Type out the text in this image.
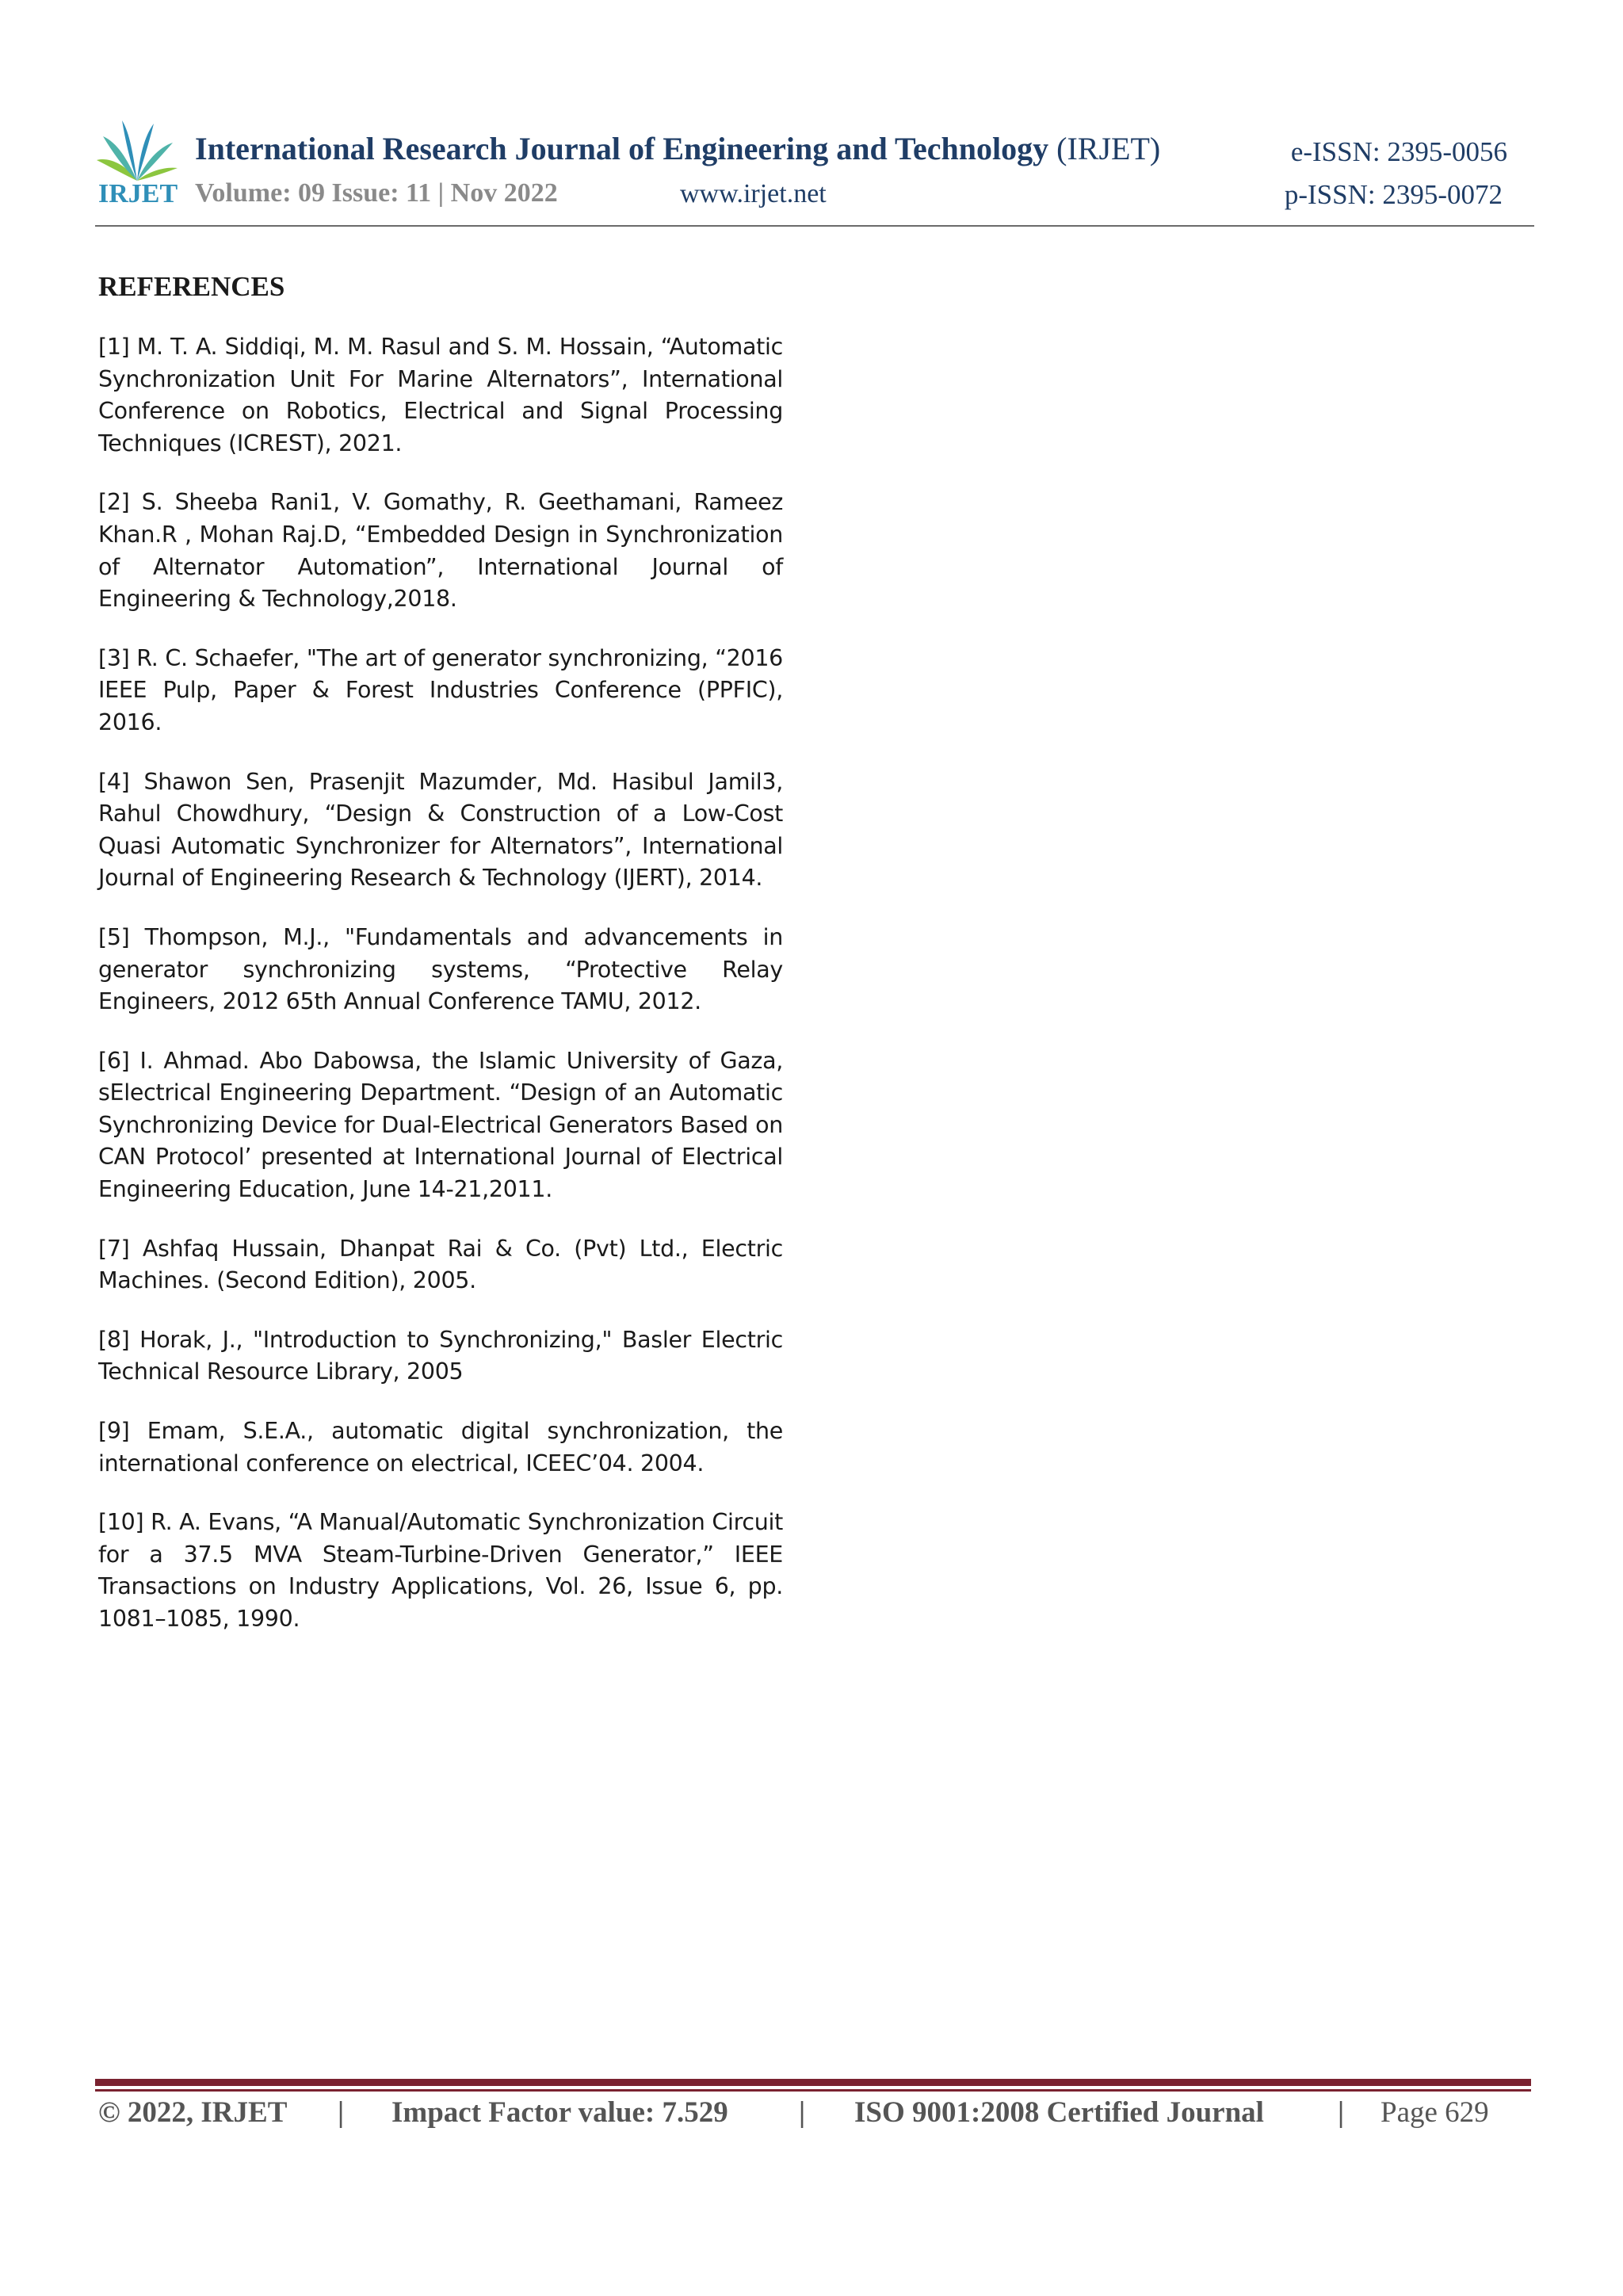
IRJET
International Research Journal of Engineering and Technology (IRJET)	e-ISSN: 2395-0056
Volume: 09 Issue: 11 | Nov 2022	www.irjet.net	p-ISSN: 2395-0072
REFERENCES
[1] M. T. A. Siddiqi, M. M. Rasul and S. M. Hossain, “Automatic Synchronization Unit For Marine Alternators”, International Conference on Robotics, Electrical and Signal Processing Techniques (ICREST), 2021.
[2] S. Sheeba Rani1, V. Gomathy, R. Geethamani, Rameez Khan.R , Mohan Raj.D, “Embedded Design in Synchronization of Alternator Automation”, International Journal of Engineering & Technology,2018.
[3] R. C. Schaefer, "The art of generator synchronizing, “2016 IEEE Pulp, Paper & Forest Industries Conference (PPFIC), 2016.
[4] Shawon Sen, Prasenjit Mazumder, Md. Hasibul Jamil3, Rahul Chowdhury, “Design & Construction of a Low-Cost Quasi Automatic Synchronizer for Alternators”, International Journal of Engineering Research & Technology (IJERT), 2014.
[5] Thompson, M.J., "Fundamentals and advancements in generator synchronizing systems, “Protective Relay Engineers, 2012 65th Annual Conference TAMU, 2012.
[6] I. Ahmad. Abo Dabowsa, the Islamic University of Gaza, sElectrical Engineering Department. “Design of an Automatic Synchronizing Device for Dual-Electrical Generators Based on CAN Protocol’ presented at International Journal of Electrical Engineering Education, June 14-21,2011.
[7] Ashfaq Hussain, Dhanpat Rai & Co. (Pvt) Ltd., Electric Machines. (Second Edition), 2005.
[8] Horak, J., "Introduction to Synchronizing," Basler Electric Technical Resource Library, 2005
[9] Emam, S.E.A., automatic digital synchronization, the international conference on electrical, ICEEC’04. 2004.
[10] R. A. Evans, “A Manual/Automatic Synchronization Circuit for a 37.5 MVA Steam-Turbine-Driven Generator,” IEEE Transactions on Industry Applications, Vol. 26, Issue 6, pp. 1081–1085, 1990.
© 2022, IRJET | Impact Factor value: 7.529 | ISO 9001:2008 Certified Journal	| Page 629
